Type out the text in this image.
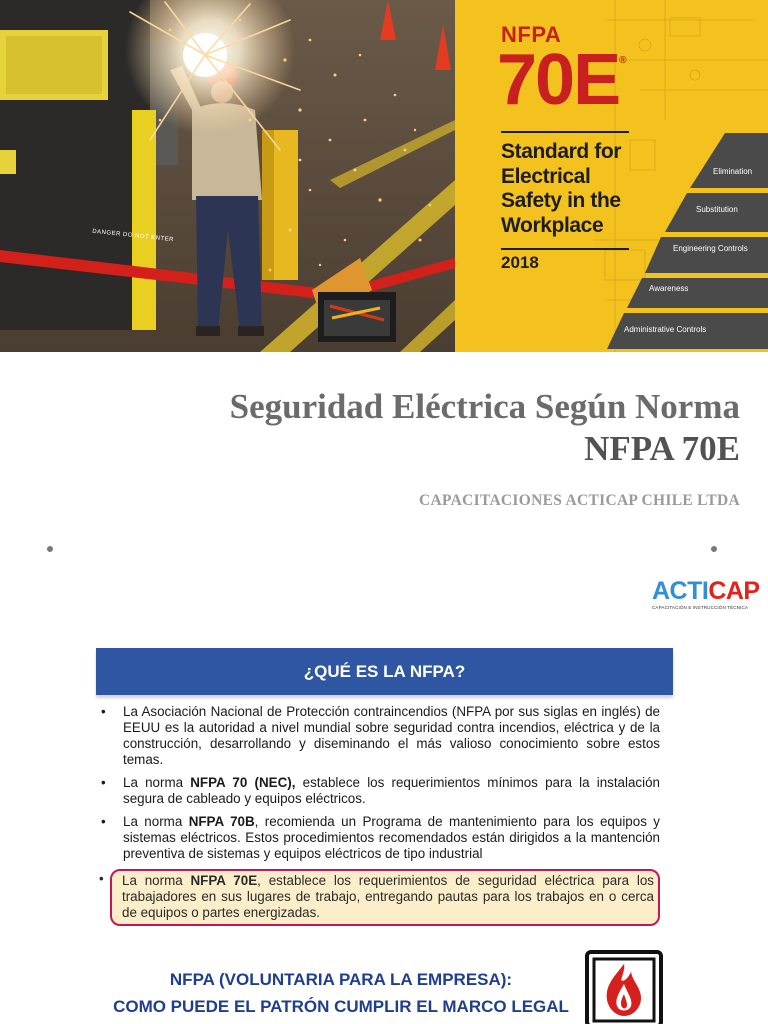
DANGER DO NOT ENTER
NFPA
70E®
Standard for
Electrical
Safety in the
Workplace
2018
Elimination
Substitution
Engineering Controls
Awareness
Administrative Controls
Seguridad Eléctrica Según Norma
NFPA 70E
CAPACITACIONES ACTICAP CHILE LTDA
ACTICAP
CAPACITACIÓN E INSTRUCCIÓN TÉCNICA
¿QUÉ ES LA NFPA?
• La Asociación Nacional de Protección contraincendios (NFPA por sus siglas en inglés) de EEUU es la autoridad a nivel mundial sobre seguridad contra incendios, eléctrica y de la construcción, desarrollando y diseminando el más valioso conocimiento sobre estos temas.
• La norma NFPA 70 (NEC), establece los requerimientos mínimos para la instalación segura de cableado y equipos eléctricos.
• La norma NFPA 70B, recomienda un Programa de mantenimiento para los equipos y sistemas eléctricos. Estos procedimientos recomendados están dirigidos a la mantención preventiva de sistemas y equipos eléctricos de tipo industrial
• La norma NFPA 70E, establece los requerimientos de seguridad eléctrica para los trabajadores en sus lugares de trabajo, entregando pautas para los trabajos en o cerca de equipos o partes energizadas.
NFPA (VOLUNTARIA PARA LA EMPRESA):
COMO PUEDE EL PATRÓN CUMPLIR EL MARCO LEGAL
